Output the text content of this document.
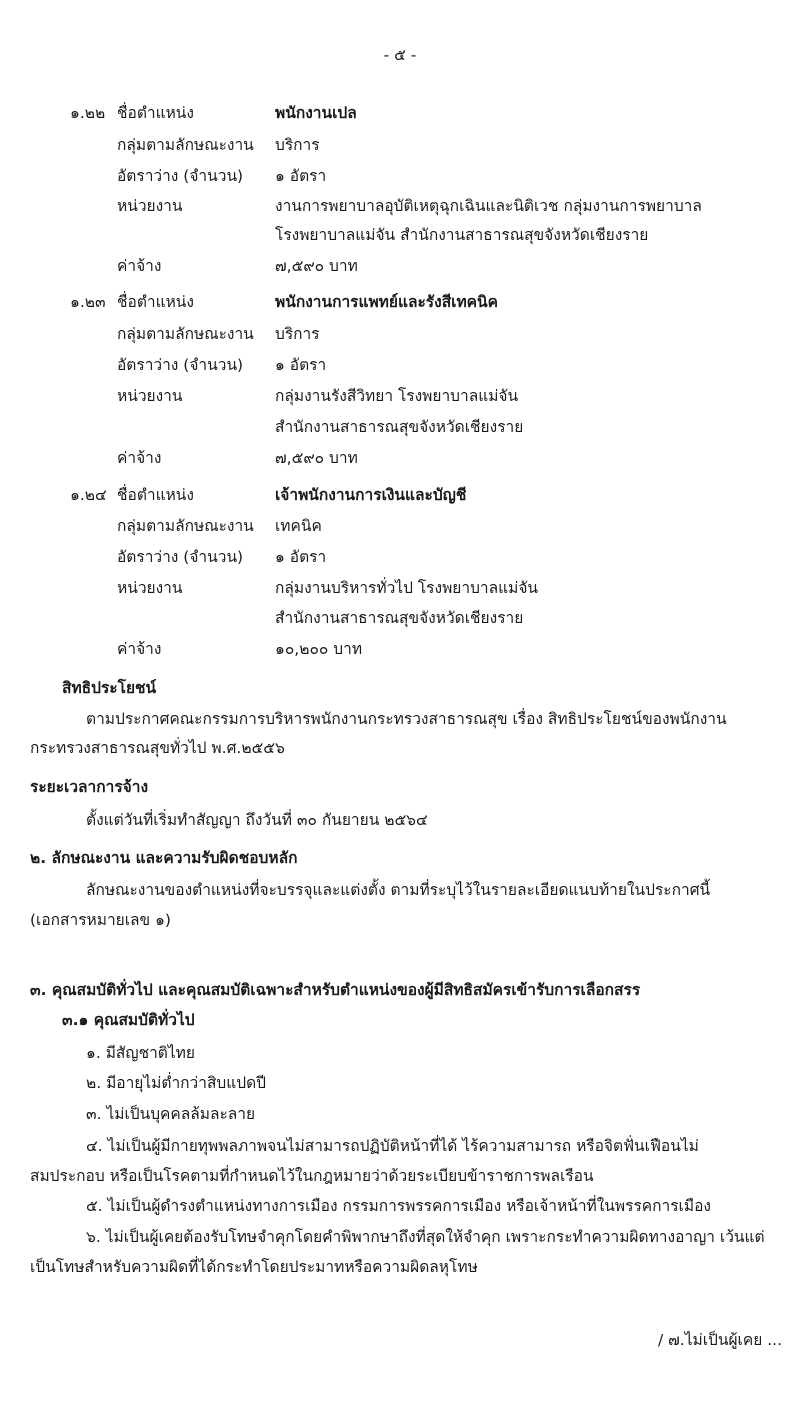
- ๕ -
๑.๒๒ ชื่อตำแหน่ง	พนักงานเปล
กลุ่มตามลักษณะงาน บริการ
อัตราว่าง (จำนวน) ๑ อัตรา
หน่วยงาน	งานการพยาบาลอุบัติเหตุฉุกเฉินและนิติเวช กลุ่มงานการพยาบาล
โรงพยาบาลแม่จัน สำนักงานสาธารณสุขจังหวัดเชียงราย
ค่าจ้าง	๗,๕๙๐ บาท
๑.๒๓ ชื่อตำแหน่ง	พนักงานการแพทย์และรังสีเทคนิค
กลุ่มตามลักษณะงาน บริการ
อัตราว่าง (จำนวน) ๑ อัตรา
หน่วยงาน	กลุ่มงานรังสีวิทยา โรงพยาบาลแม่จัน
สำนักงานสาธารณสุขจังหวัดเชียงราย
ค่าจ้าง	๗,๕๙๐ บาท
๑.๒๔ ชื่อตำแหน่ง	เจ้าพนักงานการเงินและบัญชี
กลุ่มตามลักษณะงาน เทคนิค
อัตราว่าง (จำนวน) ๑ อัตรา
หน่วยงาน	กลุ่มงานบริหารทั่วไป โรงพยาบาลแม่จัน
สำนักงานสาธารณสุขจังหวัดเชียงราย
ค่าจ้าง	๑๐,๒๐๐ บาท
สิทธิประโยชน์
ตามประกาศคณะกรรมการบริหารพนักงานกระทรวงสาธารณสุข เรื่อง สิทธิประโยชน์ของพนักงาน
กระทรวงสาธารณสุขทั่วไป พ.ศ.๒๕๕๖
ระยะเวลาการจ้าง
ตั้งแต่วันที่เริ่มทำสัญญา ถึงวันที่ ๓๐ กันยายน ๒๕๖๔
๒. ลักษณะงาน และความรับผิดชอบหลัก
ลักษณะงานของตำแหน่งที่จะบรรจุและแต่งตั้ง ตามที่ระบุไว้ในรายละเอียดแนบท้ายในประกาศนี้
(เอกสารหมายเลข ๑)
๓. คุณสมบัติทั่วไป และคุณสมบัติเฉพาะสำหรับตำแหน่งของผู้มีสิทธิสมัครเข้ารับการเลือกสรร
๓.๑ คุณสมบัติทั่วไป
๑. มีสัญชาติไทย
๒. มีอายุไม่ต่ำกว่าสิบแปดปี
๓. ไม่เป็นบุคคลล้มละลาย
๔. ไม่เป็นผู้มีกายทุพพลภาพจนไม่สามารถปฏิบัติหน้าที่ได้ ไร้ความสามารถ หรือจิตฟั่นเฟือนไม่
สมประกอบ หรือเป็นโรคตามที่กำหนดไว้ในกฎหมายว่าด้วยระเบียบข้าราชการพลเรือน
๕. ไม่เป็นผู้ดำรงตำแหน่งทางการเมือง กรรมการพรรคการเมือง หรือเจ้าหน้าที่ในพรรคการเมือง
๖. ไม่เป็นผู้เคยต้องรับโทษจำคุกโดยคำพิพากษาถึงที่สุดให้จำคุก เพราะกระทำความผิดทางอาญา เว้นแต่
เป็นโทษสำหรับความผิดที่ได้กระทำโดยประมาทหรือความผิดลหุโทษ
/ ๗.ไม่เป็นผู้เคย ...
